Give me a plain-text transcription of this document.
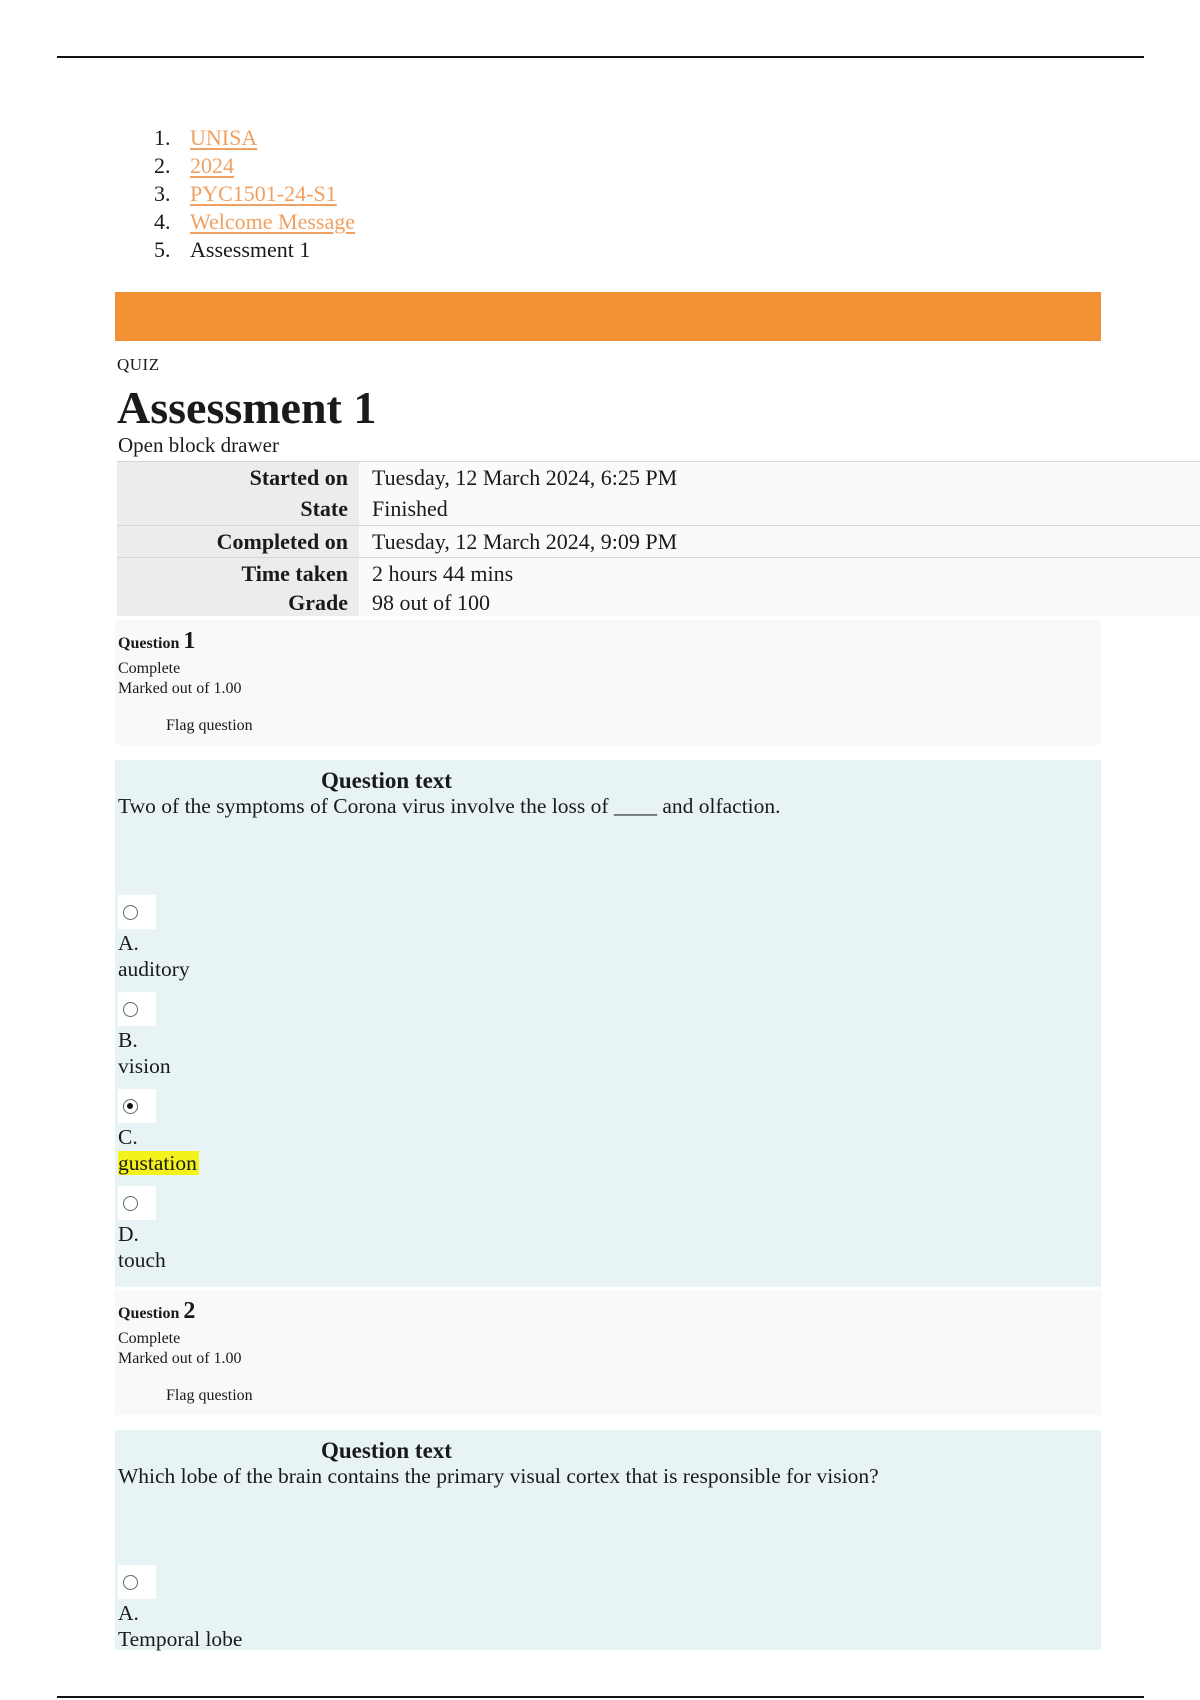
1. UNISA
2. 2024
3. PYC1501-24-S1
4. Welcome Message
5. Assessment 1
QUIZ
Assessment 1
Open block drawer
Started on	Tuesday, 12 March 2024, 6:25 PM
State	Finished
Completed on	Tuesday, 12 March 2024, 9:09 PM
Time taken	2 hours 44 mins
Grade	98 out of 100
Question 1
Complete
Marked out of 1.00
Flag question
Question text
Two of the symptoms of Corona virus involve the loss of ____ and olfaction.
A.
auditory
B.
vision
C.
gustation
D.
touch
Question 2
Complete
Marked out of 1.00
Flag question
Question text
Which lobe of the brain contains the primary visual cortex that is responsible for vision?
A.
Temporal lobe
